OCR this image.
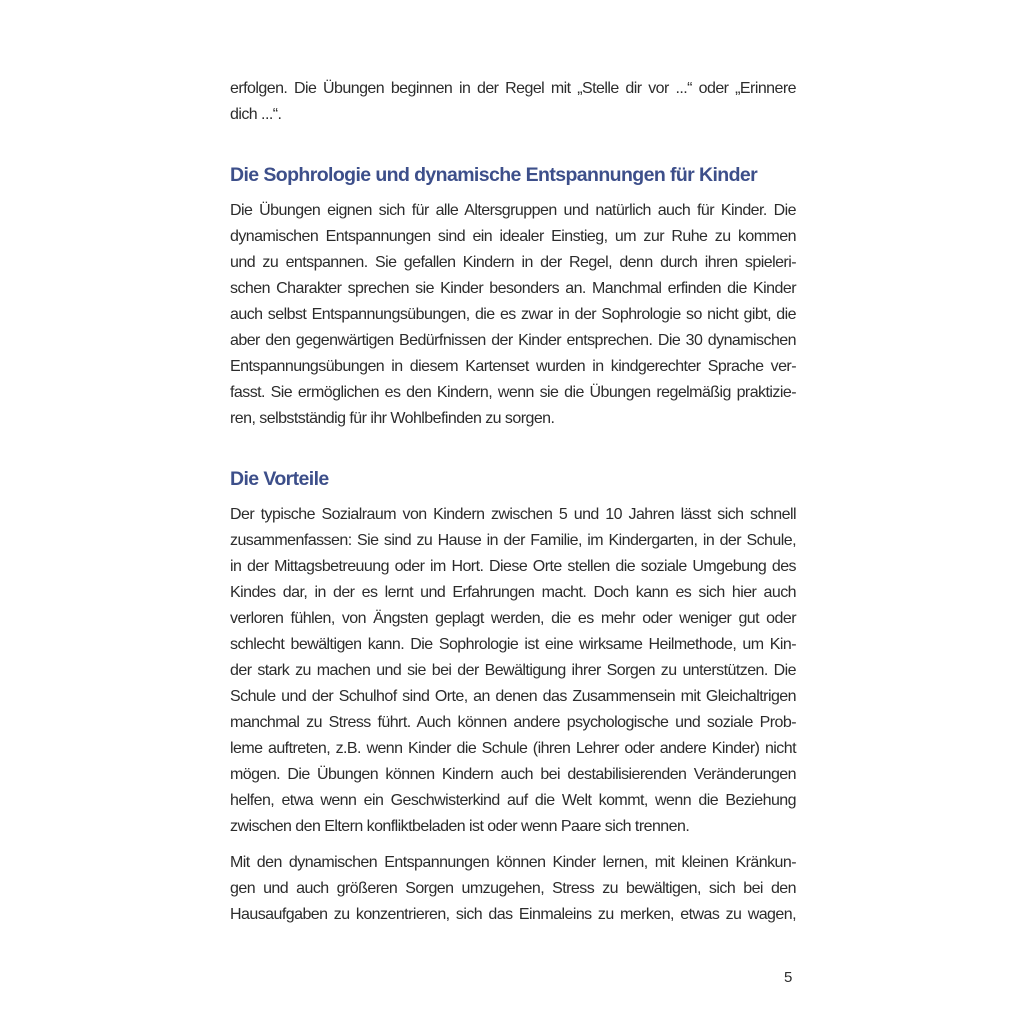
erfolgen. Die Übungen beginnen in der Regel mit „Stelle dir vor ...“ oder „Erinnere
dich ...“.

Die Sophrologie und dynamische Entspannungen für Kinder

Die Übungen eignen sich für alle Altersgruppen und natürlich auch für Kinder. Die
dynamischen Entspannungen sind ein idealer Einstieg, um zur Ruhe zu kommen
und zu entspannen. Sie gefallen Kindern in der Regel, denn durch ihren spieleri-
schen Charakter sprechen sie Kinder besonders an. Manchmal erfinden die Kinder
auch selbst Entspannungsübungen, die es zwar in der Sophrologie so nicht gibt, die
aber den gegenwärtigen Bedürfnissen der Kinder entsprechen. Die 30 dynamischen
Entspannungsübungen in diesem Kartenset wurden in kindgerechter Sprache ver-
fasst. Sie ermöglichen es den Kindern, wenn sie die Übungen regelmäßig praktizie-
ren, selbstständig für ihr Wohlbefinden zu sorgen.

Die Vorteile

Der typische Sozialraum von Kindern zwischen 5 und 10 Jahren lässt sich schnell
zusammenfassen: Sie sind zu Hause in der Familie, im Kindergarten, in der Schule,
in der Mittagsbetreuung oder im Hort. Diese Orte stellen die soziale Umgebung des
Kindes dar, in der es lernt und Erfahrungen macht. Doch kann es sich hier auch
verloren fühlen, von Ängsten geplagt werden, die es mehr oder weniger gut oder
schlecht bewältigen kann. Die Sophrologie ist eine wirksame Heilmethode, um Kin-
der stark zu machen und sie bei der Bewältigung ihrer Sorgen zu unterstützen. Die
Schule und der Schulhof sind Orte, an denen das Zusammensein mit Gleichaltrigen
manchmal zu Stress führt. Auch können andere psychologische und soziale Prob-
leme auftreten, z.B. wenn Kinder die Schule (ihren Lehrer oder andere Kinder) nicht
mögen. Die Übungen können Kindern auch bei destabilisierenden Veränderungen
helfen, etwa wenn ein Geschwisterkind auf die Welt kommt, wenn die Beziehung
zwischen den Eltern konfliktbeladen ist oder wenn Paare sich trennen.

Mit den dynamischen Entspannungen können Kinder lernen, mit kleinen Kränkun-
gen und auch größeren Sorgen umzugehen, Stress zu bewältigen, sich bei den
Hausaufgaben zu konzentrieren, sich das Einmaleins zu merken, etwas zu wagen,

5
